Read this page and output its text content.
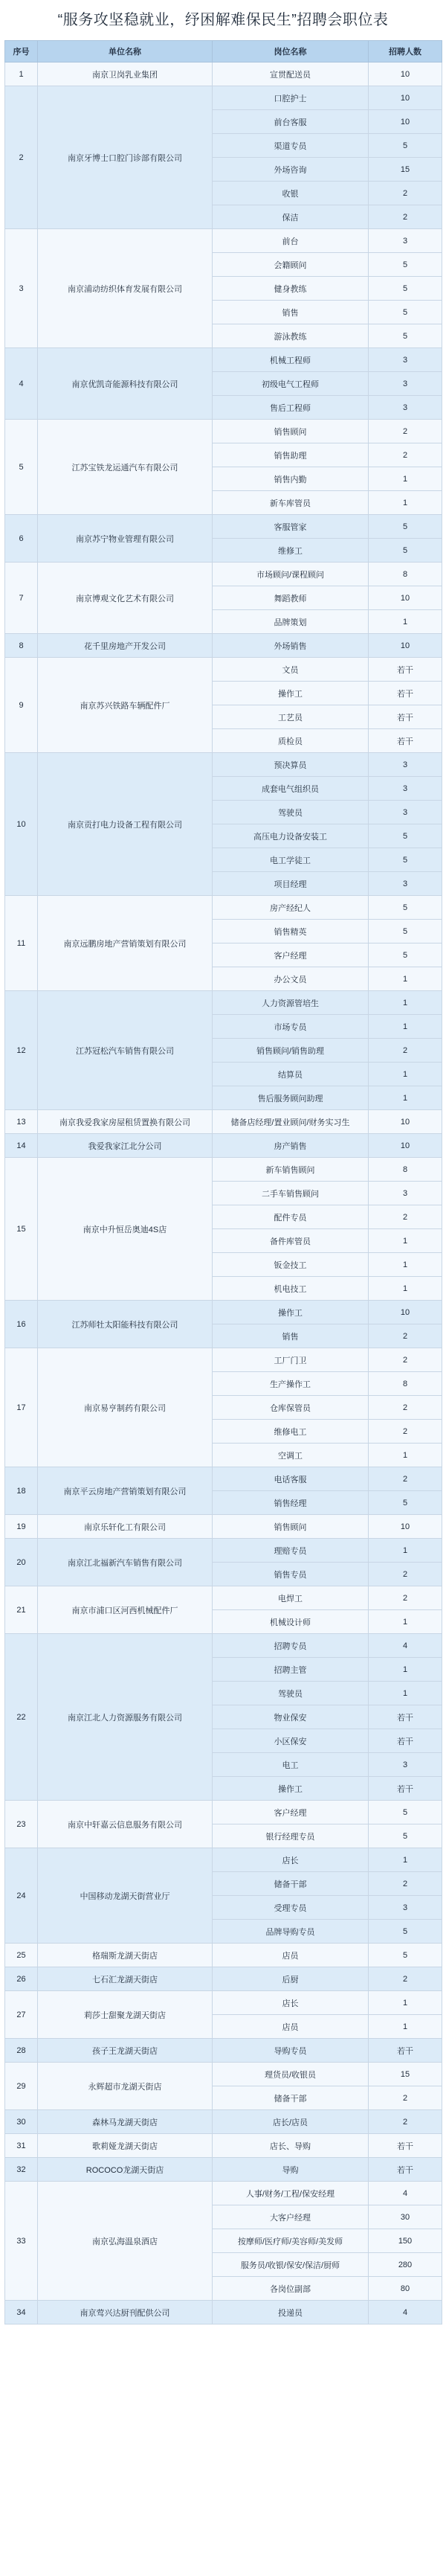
“服务攻坚稳就业，纾困解难保民生”招聘会职位表
序号	单位名称	岗位名称	招聘人数
1	南京卫岗乳业集团	宣贯配送员	10
2	南京牙博士口腔门诊部有限公司	口腔护士	10
		前台客服	10
		渠道专员	5
		外场咨询	15
		收银	2
		保洁	2
3	南京浦动纺织体育发展有限公司	前台	3
		会籍顾问	5
		健身教练	5
		销售	5
		游泳教练	5
4	南京优凯奇能源科技有限公司	机械工程师	3
		初级电气工程师	3
		售后工程师	3
5	江苏宝铁龙运通汽车有限公司	销售顾问	2
		销售助理	2
		销售内勤	1
		新车库管员	1
6	南京苏宁物业管理有限公司	客服管家	5
		维修工	5
7	南京博观文化艺术有限公司	市场顾问/课程顾问	8
		舞蹈教师	10
		品牌策划	1
8	花千里房地产开发公司	外场销售	10
9	南京苏兴铁路车辆配件厂	文员	若干
		操作工	若干
		工艺员	若干
		质检员	若干
10	南京贡打电力设备工程有限公司	预决算员	3
		成套电气组织员	3
		驾驶员	3
		高压电力设备安装工	5
		电工学徒工	5
		项目经理	3
11	南京远鹏房地产营销策划有限公司	房产经纪人	5
		销售精英	5
		客户经理	5
		办公文员	1
12	江苏冠松汽车销售有限公司	人力资源管培生	1
		市场专员	1
		销售顾问/销售助理	2
		结算员	1
		售后服务顾问助理	1
13	南京我爱我家房屋租赁置换有限公司	储备店经理/置业顾问/财务实习生	10
14	我爱我家江北分公司	房产销售	10
15	南京中升恒岳奥迪4S店	新车销售顾问	8
		二手车销售顾问	3
		配件专员	2
		备件库管员	1
		钣金技工	1
		机电技工	1
16	江苏师牡太阳能科技有限公司	操作工	10
		销售	2
17	南京易亨制药有限公司	工厂门卫	2
		生产操作工	8
		仓库保管员	2
		维修电工	2
		空调工	1
18	南京平云房地产营销策划有限公司	电话客服	2
		销售经理	5
19	南京乐轩化工有限公司	销售顾问	10
20	南京江北福新汽车销售有限公司	理赔专员	1
		销售专员	2
21	南京市浦口区河西机械配件厂	电焊工	2
		机械设计师	1
22	南京江北人力资源服务有限公司	招聘专员	4
		招聘主管	1
		驾驶员	1
		物业保安	若干
		小区保安	若干
		电工	3
		操作工	若干
23	南京中轩嘉云信息服务有限公司	客户经理	5
		银行经理专员	5
24	中国移动龙湖天街营业厅	店长	1
		储备干部	2
		受理专员	3
		品牌导购专员	5
25	格瑞斯龙湖天街店	店员	5
26	七石汇龙湖天街店	后厨	2
27	莉莎士甜聚龙湖天街店	店长	1
		店员	1
28	孩子王龙湖天街店	导购专员	若干
29	永辉超市龙湖天街店	理货员/收银员	15
		储备干部	2
30	森林马龙湖天街店	店长/店员	2
31	歌莉娅龙湖天街店	店长、导购	若干
32	ROCOCO龙湖天街店	导购	若干
33	南京弘海温泉酒店	人事/财务/工程/保安经理	4
		大客户经理	30
		按摩师/医疗师/美容师/美发师	150
		服务员/收银/保安/保洁/厨师	280
		各岗位副部	80
34	南京莺兴达厨刊配供公司	投递员	4
